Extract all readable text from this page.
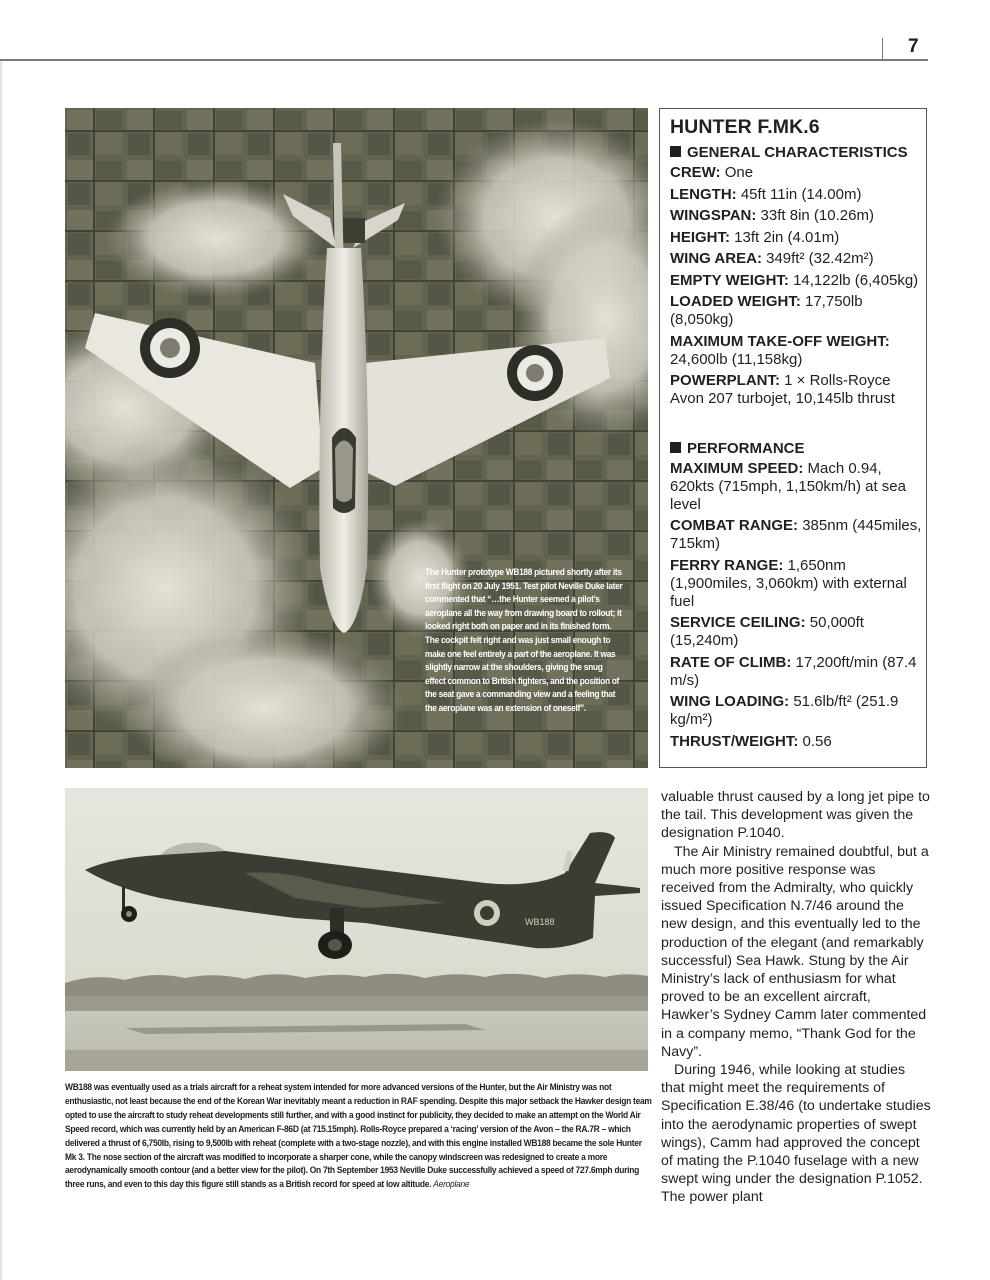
7
The Hunter prototype WB188 pictured shortly after its first flight on 20 July 1951. Test pilot Neville Duke later commented that “…the Hunter seemed a pilot’s aeroplane all the way from drawing board to rollout; it looked right both on paper and in its finished form. The cockpit felt right and was just small enough to make one feel entirely a part of the aeroplane. It was slightly narrow at the shoulders, giving the snug effect common to British fighters, and the position of the seat gave a commanding view and a feeling that the aeroplane was an extension of oneself”.
HUNTER F.MK.6
GENERAL CHARACTERISTICS
CREW: One
LENGTH: 45ft 11in (14.00m)
WINGSPAN: 33ft 8in (10.26m)
HEIGHT: 13ft 2in (4.01m)
WING AREA: 349ft² (32.42m²)
EMPTY WEIGHT: 14,122lb (6,405kg)
LOADED WEIGHT: 17,750lb (8,050kg)
MAXIMUM TAKE-OFF WEIGHT: 24,600lb (11,158kg)
POWERPLANT: 1 × Rolls-Royce Avon 207 turbojet, 10,145lb thrust
PERFORMANCE
MAXIMUM SPEED: Mach 0.94, 620kts (715mph, 1,150km/h) at sea level
COMBAT RANGE: 385nm (445miles, 715km)
FERRY RANGE: 1,650nm (1,900miles, 3,060km) with external fuel
SERVICE CEILING: 50,000ft (15,240m)
RATE OF CLIMB: 17,200ft/min (87.4 m/s)
WING LOADING: 51.6lb/ft² (251.9 kg/m²)
THRUST/WEIGHT: 0.56
WB188
WB188 was eventually used as a trials aircraft for a reheat system intended for more advanced versions of the Hunter, but the Air Ministry was not enthusiastic, not least because the end of the Korean War inevitably meant a reduction in RAF spending. Despite this major setback the Hawker design team opted to use the aircraft to study reheat developments still further, and with a good instinct for publicity, they decided to make an attempt on the World Air Speed record, which was currently held by an American F-86D (at 715.15mph). Rolls-Royce prepared a ‘racing’ version of the Avon – the RA.7R – which delivered a thrust of 6,750lb, rising to 9,500lb with reheat (complete with a two-stage nozzle), and with this engine installed WB188 became the sole Hunter Mk 3. The nose section of the aircraft was modified to incorporate a sharper cone, while the canopy windscreen was redesigned to create a more aerodynamically smooth contour (and a better view for the pilot). On 7th September 1953 Neville Duke successfully achieved a speed of 727.6mph during three runs, and even to this day this figure still stands as a British record for speed at low altitude. Aeroplane

valuable thrust caused by a long jet pipe to the tail. This development was given the designation P.1040.

The Air Ministry remained doubtful, but a much more positive response was received from the Admiralty, who quickly issued Specification N.7/46 around the new design, and this eventually led to the production of the elegant (and remarkably successful) Sea Hawk. Stung by the Air Ministry’s lack of enthusiasm for what proved to be an excellent aircraft, Hawker’s Sydney Camm later commented in a company memo, “Thank God for the Navy”.

During 1946, while looking at studies that might meet the requirements of Specification E.38/46 (to undertake studies into the aerodynamic properties of swept wings), Camm had approved the concept of mating the P.1040 fuselage with a new swept wing under the designation P.1052. The power plant
